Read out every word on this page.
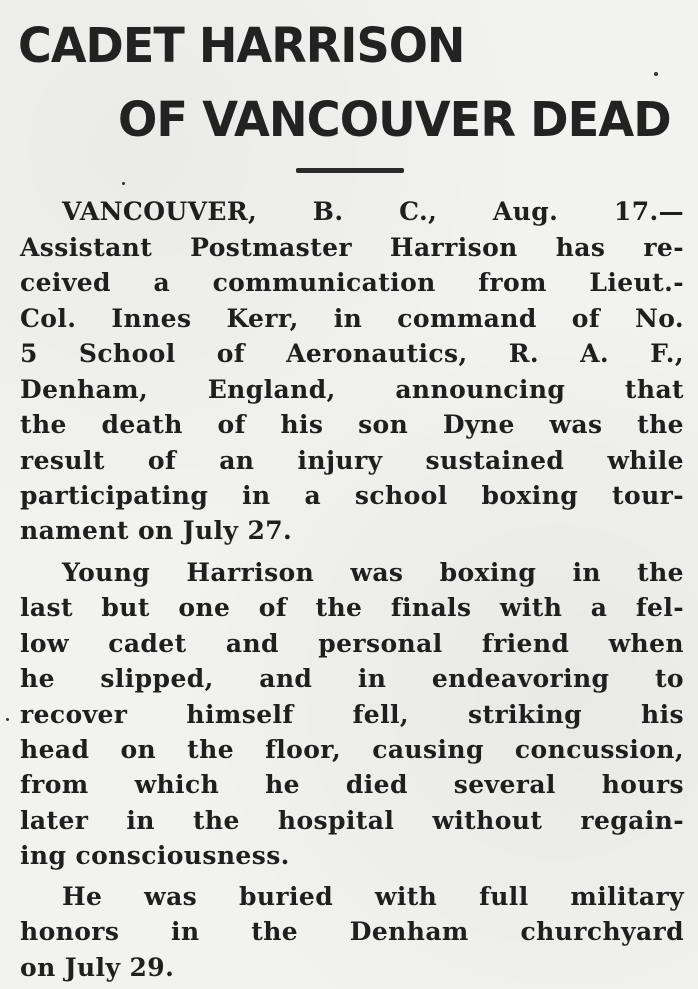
CADET HARRISON
OF VANCOUVER DEAD
VANCOUVER, B. C., Aug. 17.—
Assistant Postmaster Harrison has re-
ceived a communication from Lieut.-
Col. Innes Kerr, in command of No.
5 School of Aeronautics, R. A. F.,
Denham, England, announcing that
the death of his son Dyne was the
result of an injury sustained while
participating in a school boxing tour-
nament on July 27.
Young Harrison was boxing in the
last but one of the finals with a fel-
low cadet and personal friend when
he slipped, and in endeavoring to
recover himself fell, striking his
head on the floor, causing concussion,
from which he died several hours
later in the hospital without regain-
ing consciousness.
He was buried with full military
honors in the Denham churchyard
on July 29.
